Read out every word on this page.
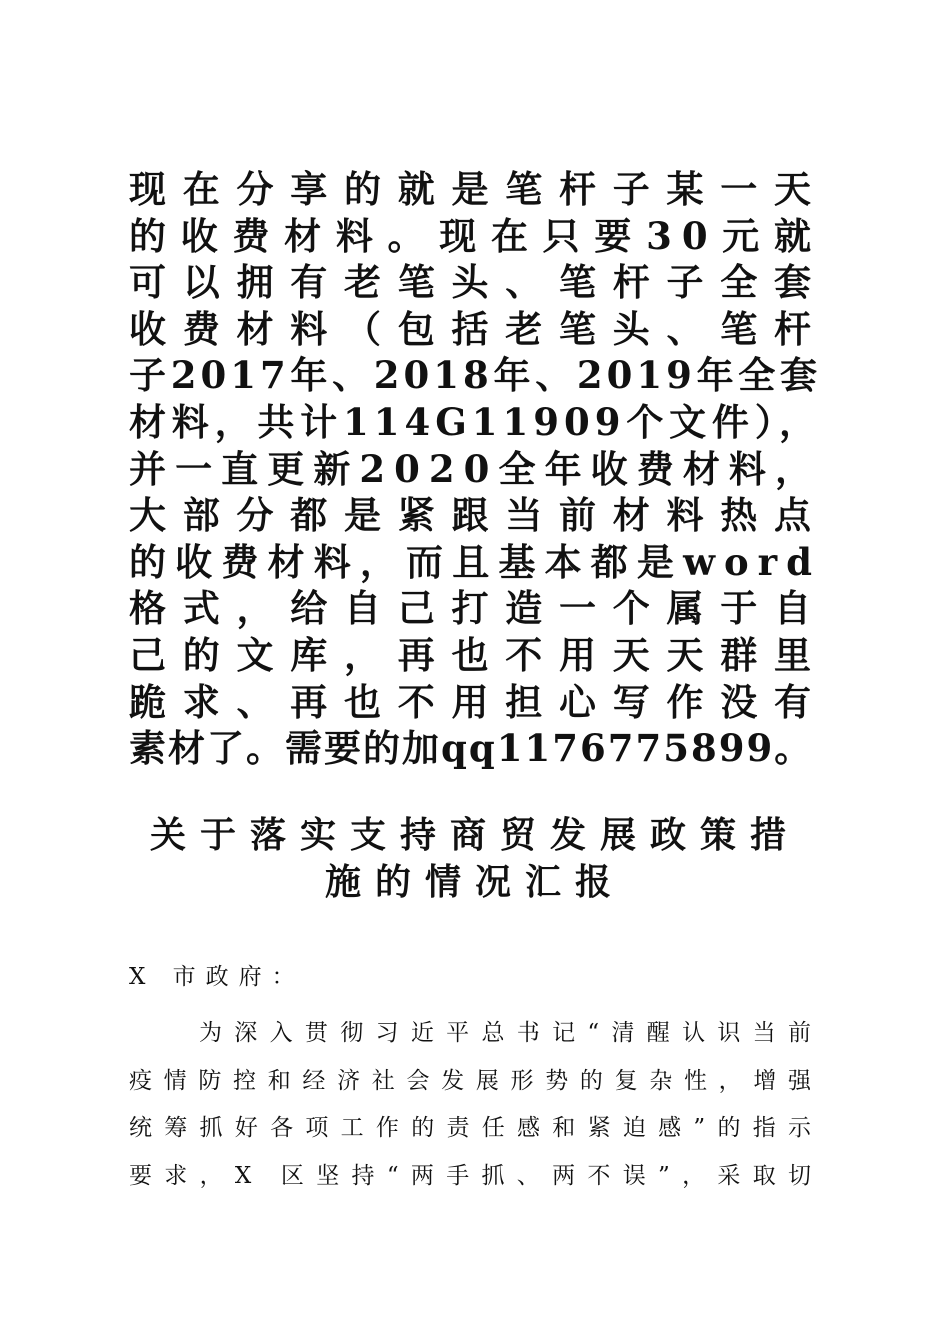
现在分享的就是笔杆子某一天
的收费材料。现在只要30元就
可以拥有老笔头、笔杆子全套
收费材料（包括老笔头、笔杆
子2017年、2018年、2019年全套
材料，共计114G11909个文件），
并一直更新2020全年收费材料，
大部分都是紧跟当前材料热点
的收费材料，而且基本都是word
格式，给自己打造一个属于自
己的文库，再也不用天天群里
跪求、再也不用担心写作没有
素材了。需要的加qq1176775899。
关于落实支持商贸发展政策措
施的情况汇报
X 市政府：
为深入贯彻习近平总书记“清醒认识当前
疫情防控和经济社会发展形势的复杂性，增强
统筹抓好各项工作的责任感和紧迫感”的指示
要求，X 区坚持“两手抓、两不误”，采取切
